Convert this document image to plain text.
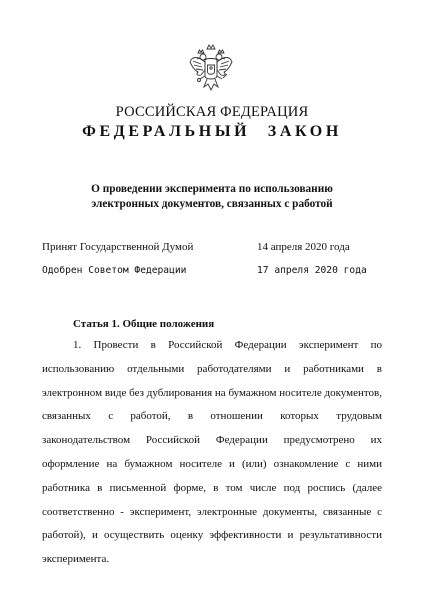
РОССИЙСКАЯ ФЕДЕРАЦИЯ
ФЕДЕРАЛЬНЫЙ ЗАКОН
О проведении эксперимента по использованию
электронных документов, связанных с работой
Принят Государственной Думой	14 апреля 2020 года
Одобрен Советом Федерации	17 апреля 2020 года
Статья 1. Общие положения

1. Провести в Российской Федерации эксперимент по использованию отдельными работодателями и работниками в электронном виде без дублирования на бумажном носителе документов, связанных с работой, в отношении которых трудовым законодательством Российской Федерации предусмотрено их оформление на бумажном носителе и (или) ознакомление с ними работника в письменной форме, в том числе под роспись (далее соответственно - эксперимент, электронные документы, связанные с работой), и осуществить оценку эффективности и результативности эксперимента.
